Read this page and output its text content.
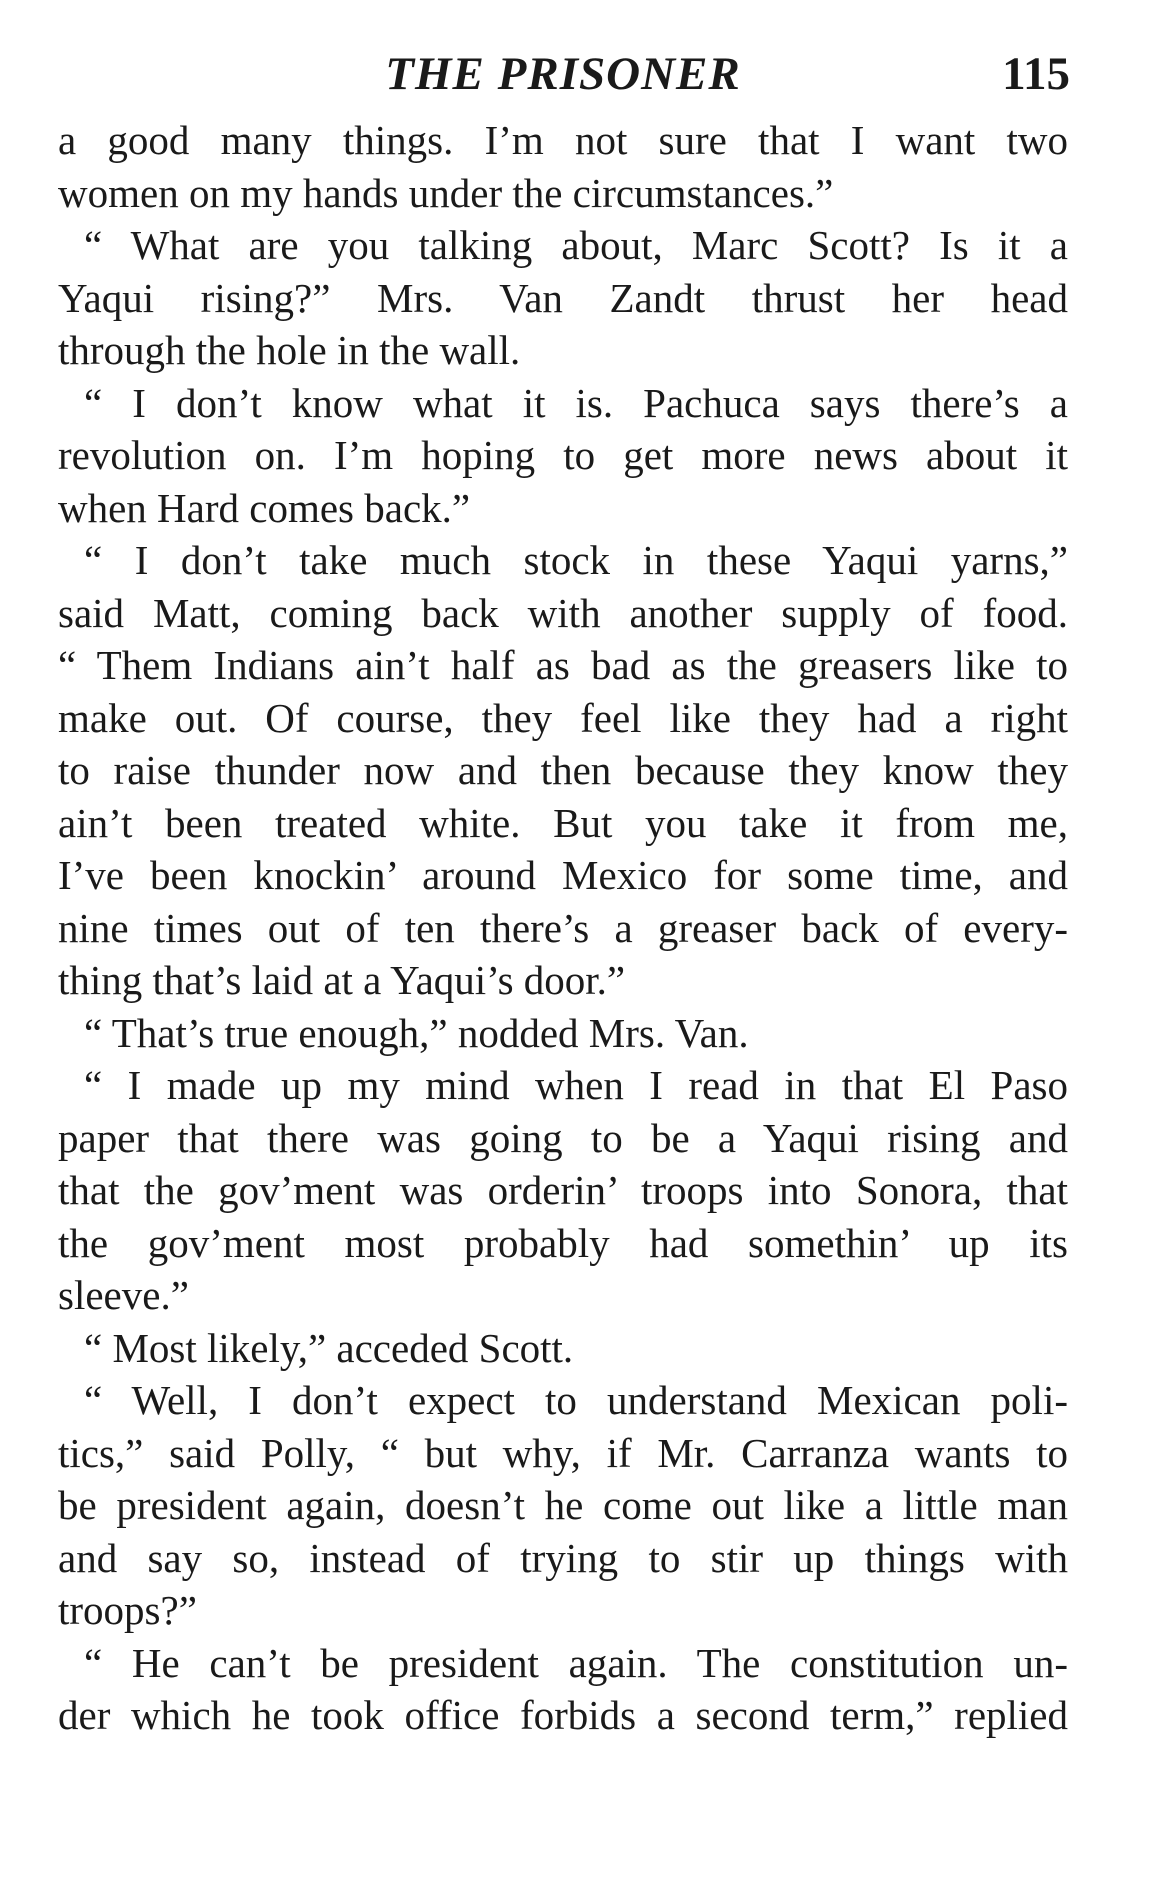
THE PRISONER	115
a good many things. I’m not sure that I want two
women on my hands under the circumstances.”
“ What are you talking about, Marc Scott? Is it a
Yaqui rising?” Mrs. Van Zandt thrust her head
through the hole in the wall.
“ I don’t know what it is. Pachuca says there’s a
revolution on. I’m hoping to get more news about it
when Hard comes back.”
“ I don’t take much stock in these Yaqui yarns,”
said Matt, coming back with another supply of food.
“ Them Indians ain’t half as bad as the greasers like to
make out. Of course, they feel like they had a right
to raise thunder now and then because they know they
ain’t been treated white. But you take it from me,
I’ve been knockin’ around Mexico for some time, and
nine times out of ten there’s a greaser back of every-
thing that’s laid at a Yaqui’s door.”
“ That’s true enough,” nodded Mrs. Van.
“ I made up my mind when I read in that El Paso
paper that there was going to be a Yaqui rising and
that the gov’ment was orderin’ troops into Sonora, that
the gov’ment most probably had somethin’ up its
sleeve.”
“ Most likely,” acceded Scott.
“ Well, I don’t expect to understand Mexican poli-
tics,” said Polly, “ but why, if Mr. Carranza wants to
be president again, doesn’t he come out like a little man
and say so, instead of trying to stir up things with
troops?”
“ He can’t be president again. The constitution un-
der which he took office forbids a second term,” replied
